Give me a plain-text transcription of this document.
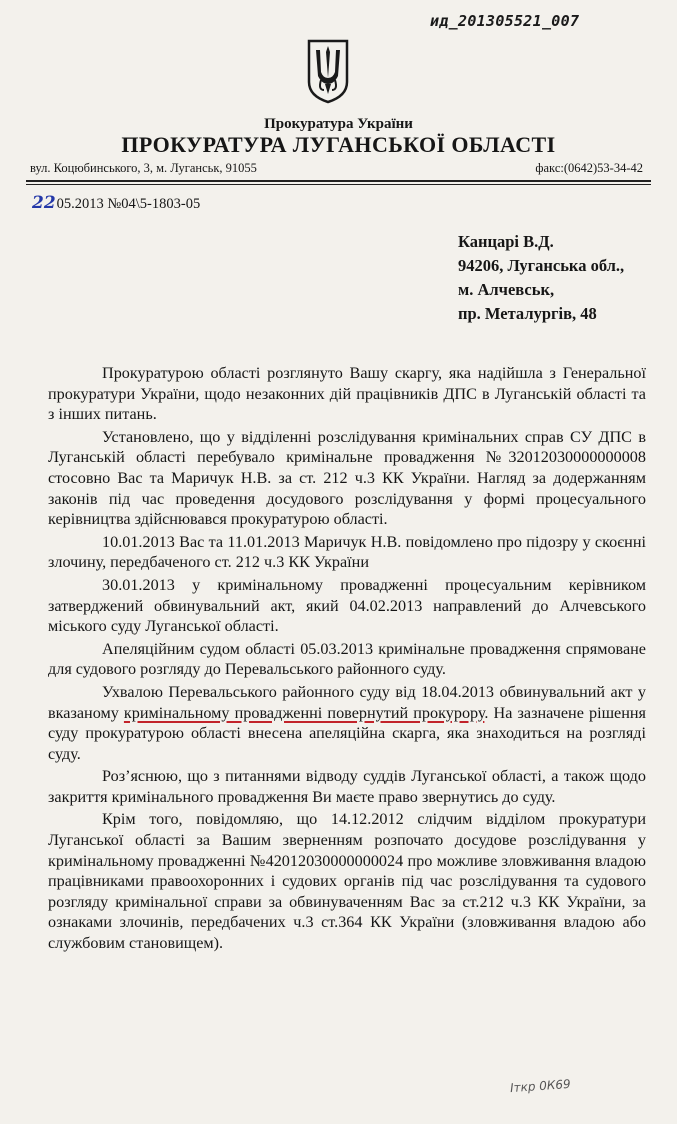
ид_201305521_007
Прокуратура України
ПРОКУРАТУРА ЛУГАНСЬКОЇ ОБЛАСТІ
вул. Коцюбинського, 3, м. Луганськ, 91055	факс:(0642)53-34-42
2205.2013 №04\5-1803-05
Канцарі В.Д.
94206, Луганська обл.,
м. Алчевськ,
пр. Металургів, 48

Прокуратурою області розглянуто Вашу скаргу, яка надійшла з Генеральної прокуратури України, щодо незаконних дій працівників ДПС в Луганській області та з інших питань.

Установлено, що у відділенні розслідування кримінальних справ СУ ДПС в Луганській області перебувало кримінальне провадження №32012030000000008 стосовно Вас та Маричук Н.В. за ст. 212 ч.3 КК України. Нагляд за додержанням законів під час проведення досудового розслідування у формі процесуального керівництва здійснювався прокуратурою області.

10.01.2013 Вас та 11.01.2013 Маричук Н.В. повідомлено про підозру у скоєнні злочину, передбаченого ст. 212 ч.3 КК України

30.01.2013 у кримінальному провадженні процесуальним керівником затверджений обвинувальний акт, який 04.02.2013 направлений до Алчевського міського суду Луганської області.

Апеляційним судом області 05.03.2013 кримінальне провадження спрямоване для судового розгляду до Перевальського районного суду.

Ухвалою Перевальського районного суду від 18.04.2013 обвинувальний акт у вказаному кримінальному провадженні повернутий прокурору. На зазначене рішення суду прокуратурою області внесена апеляційна скарга, яка знаходиться на розгляді суду.

Роз’яснюю, що з питаннями відводу суддів Луганської області, а також щодо закриття кримінального провадження Ви маєте право звернутись до суду.

Крім того, повідомляю, що 14.12.2012 слідчим відділом прокуратури Луганської області за Вашим зверненням розпочато досудове розслідування у кримінальному провадженні №42012030000000024 про можливе зловживання владою працівниками правоохоронних і судових органів під час розслідування та судового розгляду кримінальної справи за обвинуваченням Вас за ст.212 ч.3 КК України, за ознаками злочинів, передбачених ч.3 ст.364 КК України (зловживання владою або службовим становищем).

Іткр 0К69
